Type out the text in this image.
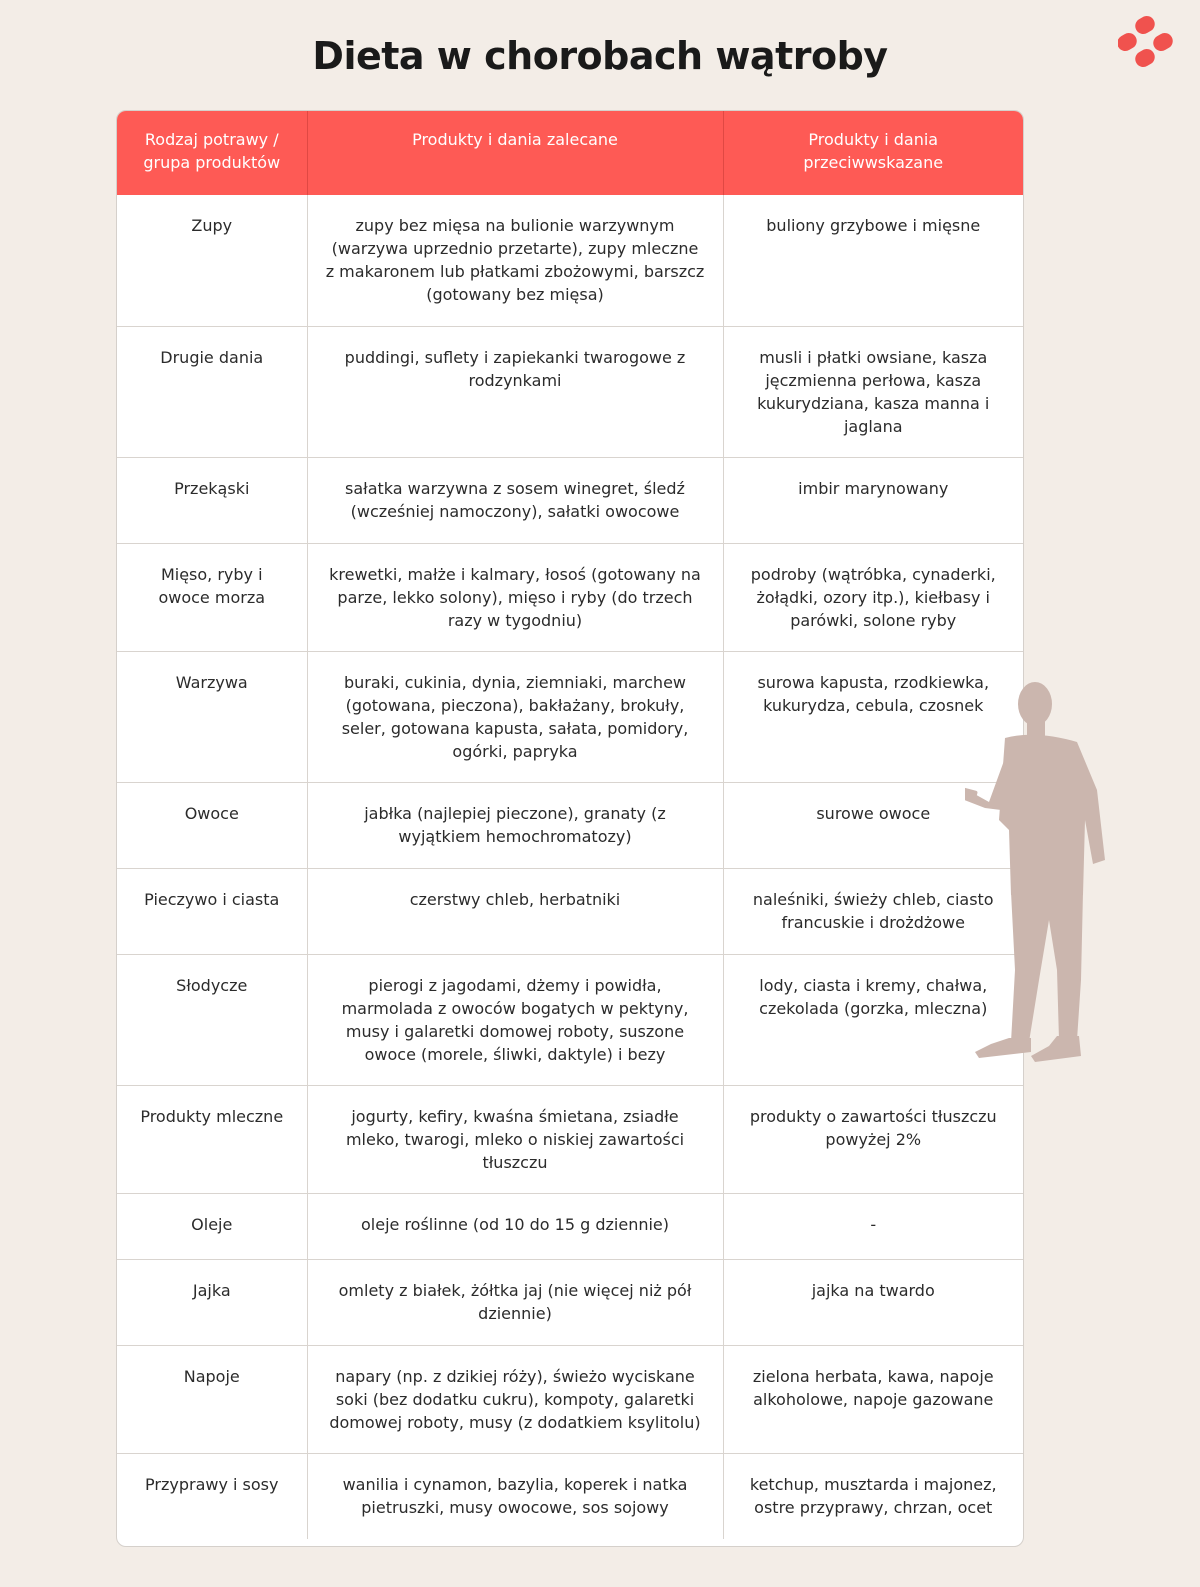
Dieta w chorobach wątroby
Rodzaj potrawy / grupa produktów	Produkty i dania zalecane	Produkty i dania przeciwwskazane
Zupy	zupy bez mięsa na bulionie warzywnym (warzywa uprzednio przetarte), zupy mleczne z makaronem lub płatkami zbożowymi, barszcz (gotowany bez mięsa)	buliony grzybowe i mięsne
Drugie dania	puddingi, suflety i zapiekanki twarogowe z rodzynkami	musli i płatki owsiane, kasza jęczmienna perłowa, kasza kukurydziana, kasza manna i jaglana
Przekąski	sałatka warzywna z sosem winegret, śledź (wcześniej namoczony), sałatki owocowe	imbir marynowany
Mięso, ryby i owoce morza	krewetki, małże i kalmary, łosoś (gotowany na parze, lekko solony), mięso i ryby (do trzech razy w tygodniu)	podroby (wątróbka, cynaderki, żołądki, ozory itp.), kiełbasy i parówki, solone ryby
Warzywa	buraki, cukinia, dynia, ziemniaki, marchew (gotowana, pieczona), bakłażany, brokuły, seler, gotowana kapusta, sałata, pomidory, ogórki, papryka	surowa kapusta, rzodkiewka, kukurydza, cebula, czosnek
Owoce	jabłka (najlepiej pieczone), granaty (z wyjątkiem hemochromatozy)	surowe owoce
Pieczywo i ciasta	czerstwy chleb, herbatniki	naleśniki, świeży chleb, ciasto francuskie i drożdżowe
Słodycze	pierogi z jagodami, dżemy i powidła, marmolada z owoców bogatych w pektyny, musy i galaretki domowej roboty, suszone owoce (morele, śliwki, daktyle) i bezy	lody, ciasta i kremy, chałwa, czekolada (gorzka, mleczna)
Produkty mleczne	jogurty, kefiry, kwaśna śmietana, zsiadłe mleko, twarogi, mleko o niskiej zawartości tłuszczu	produkty o zawartości tłuszczu powyżej 2%
Oleje	oleje roślinne (od 10 do 15 g dziennie)	-
Jajka	omlety z białek, żółtka jaj (nie więcej niż pół dziennie)	jajka na twardo
Napoje	napary (np. z dzikiej róży), świeżo wyciskane soki (bez dodatku cukru), kompoty, galaretki domowej roboty, musy (z dodatkiem ksylitolu)	zielona herbata, kawa, napoje alkoholowe, napoje gazowane
Przyprawy i sosy	wanilia i cynamon, bazylia, koperek i natka pietruszki, musy owocowe, sos sojowy	ketchup, musztarda i majonez, ostre przyprawy, chrzan, ocet
